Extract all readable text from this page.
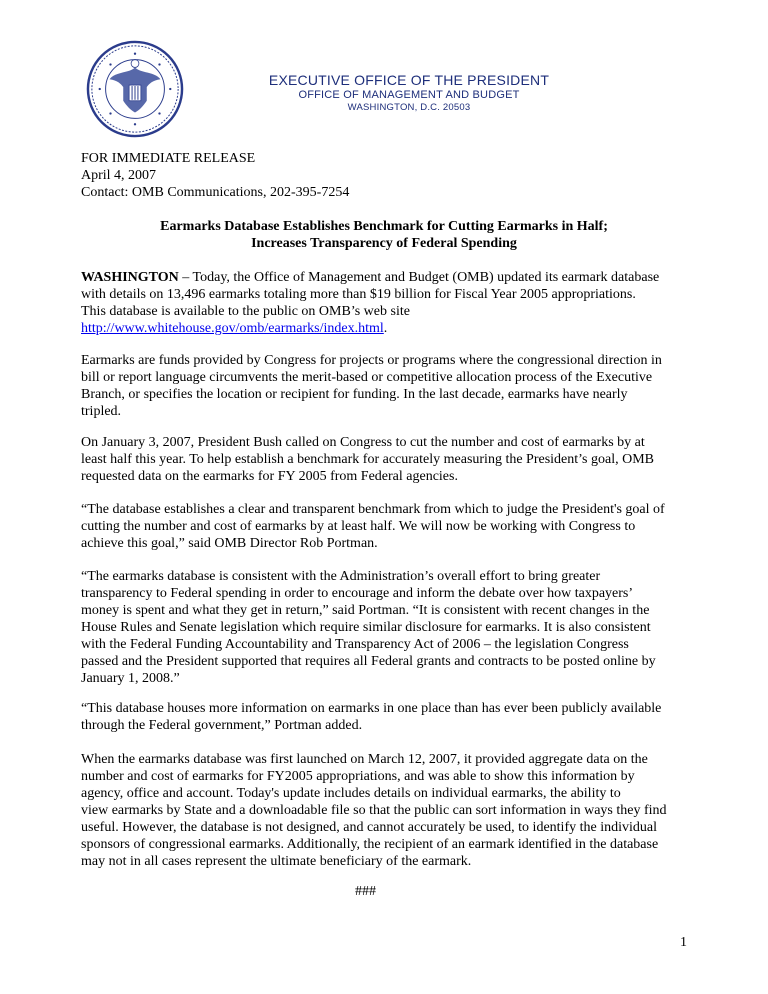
EXECUTIVE OFFICE OF THE PRESIDENT
OFFICE OF MANAGEMENT AND BUDGET
WASHINGTON, D.C. 20503
FOR IMMEDIATE RELEASE
April 4, 2007
Contact: OMB Communications, 202-395-7254
Earmarks Database Establishes Benchmark for Cutting Earmarks in Half;
Increases Transparency of Federal Spending
WASHINGTON – Today, the Office of Management and Budget (OMB) updated its earmark database
with details on 13,496 earmarks totaling more than $19 billion for Fiscal Year 2005 appropriations.
This database is available to the public on OMB’s web site
http://www.whitehouse.gov/omb/earmarks/index.html.
Earmarks are funds provided by Congress for projects or programs where the congressional direction in
bill or report language circumvents the merit-based or competitive allocation process of the Executive
Branch, or specifies the location or recipient for funding. In the last decade, earmarks have nearly
tripled.
On January 3, 2007, President Bush called on Congress to cut the number and cost of earmarks by at
least half this year. To help establish a benchmark for accurately measuring the President’s goal, OMB
requested data on the earmarks for FY 2005 from Federal agencies.
“The database establishes a clear and transparent benchmark from which to judge the President's goal of
cutting the number and cost of earmarks by at least half. We will now be working with Congress to
achieve this goal,” said OMB Director Rob Portman.
“The earmarks database is consistent with the Administration’s overall effort to bring greater
transparency to Federal spending in order to encourage and inform the debate over how taxpayers’
money is spent and what they get in return,” said Portman. “It is consistent with recent changes in the
House Rules and Senate legislation which require similar disclosure for earmarks. It is also consistent
with the Federal Funding Accountability and Transparency Act of 2006 – the legislation Congress
passed and the President supported that requires all Federal grants and contracts to be posted online by
January 1, 2008.”
“This database houses more information on earmarks in one place than has ever been publicly available
through the Federal government,” Portman added.
When the earmarks database was first launched on March 12, 2007, it provided aggregate data on the
number and cost of earmarks for FY2005 appropriations, and was able to show this information by
agency, office and account. Today's update includes details on individual earmarks, the ability to
view earmarks by State and a downloadable file so that the public can sort information in ways they find
useful. However, the database is not designed, and cannot accurately be used, to identify the individual
sponsors of congressional earmarks. Additionally, the recipient of an earmark identified in the database
may not in all cases represent the ultimate beneficiary of the earmark.
###
1
